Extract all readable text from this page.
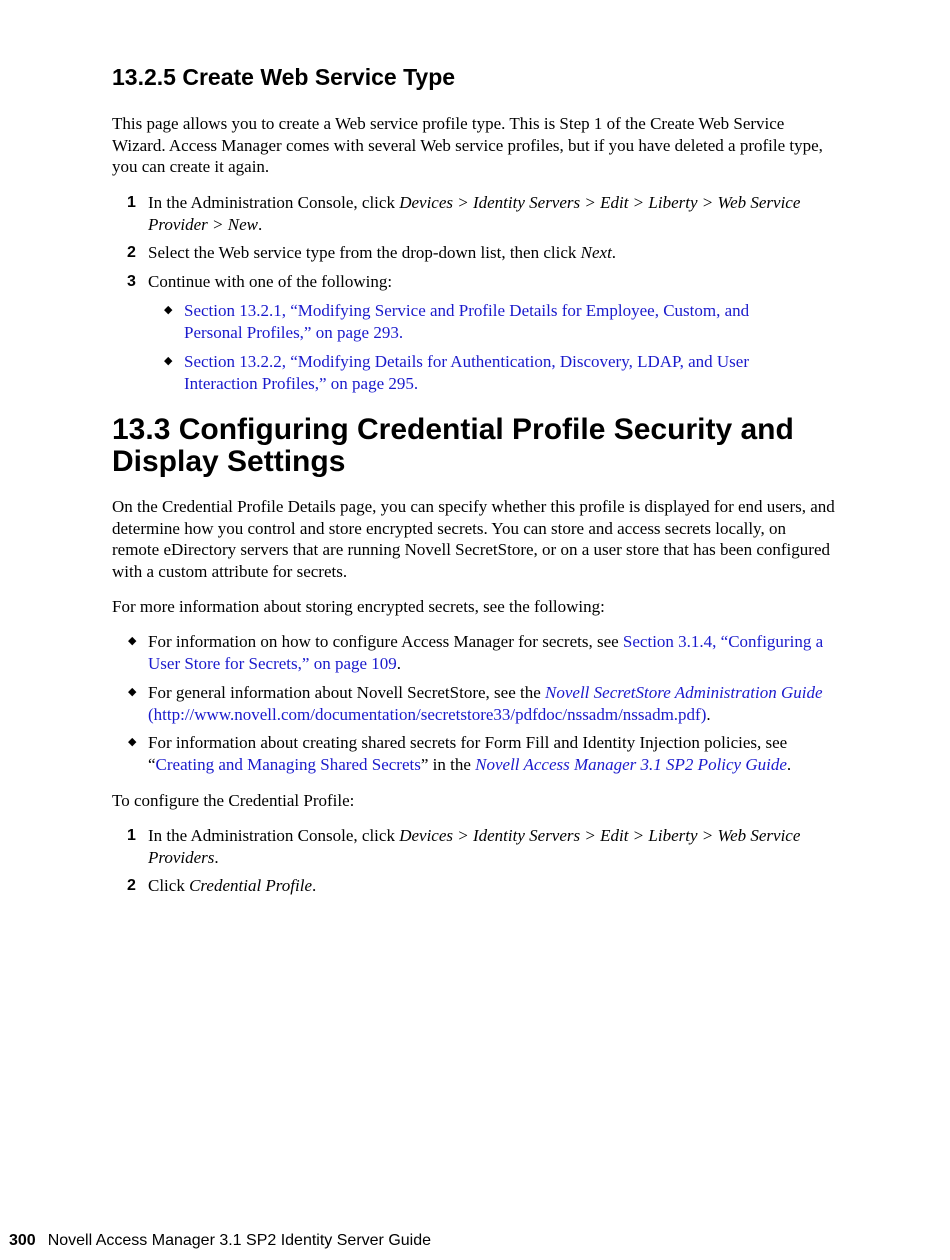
13.2.5 Create Web Service Type

This page allows you to create a Web service profile type. This is Step 1 of the Create Web Service Wizard. Access Manager comes with several Web service profiles, but if you have deleted a profile type, you can create it again.

1 In the Administration Console, click Devices > Identity Servers > Edit > Liberty > Web Service Provider > New.
2 Select the Web service type from the drop-down list, then click Next.
3 Continue with one of the following:
◆ Section 13.2.1, “Modifying Service and Profile Details for Employee, Custom, and Personal Profiles,” on page 293.
◆ Section 13.2.2, “Modifying Details for Authentication, Discovery, LDAP, and User Interaction Profiles,” on page 295.
13.3 Configuring Credential Profile Security and Display Settings

On the Credential Profile Details page, you can specify whether this profile is displayed for end users, and determine how you control and store encrypted secrets. You can store and access secrets locally, on remote eDirectory servers that are running Novell SecretStore, or on a user store that has been configured with a custom attribute for secrets.

For more information about storing encrypted secrets, see the following:

◆ For information on how to configure Access Manager for secrets, see Section 3.1.4, “Configuring a User Store for Secrets,” on page 109.
◆ For general information about Novell SecretStore, see the Novell SecretStore Administration Guide (http://www.novell.com/documentation/secretstore33/pdfdoc/nssadm/nssadm.pdf).
◆ For information about creating shared secrets for Form Fill and Identity Injection policies, see “Creating and Managing Shared Secrets” in the Novell Access Manager 3.1 SP2 Policy Guide.

To configure the Credential Profile:

1 In the Administration Console, click Devices > Identity Servers > Edit > Liberty > Web Service Providers.
2 Click Credential Profile.
300 Novell Access Manager 3.1 SP2 Identity Server Guide
